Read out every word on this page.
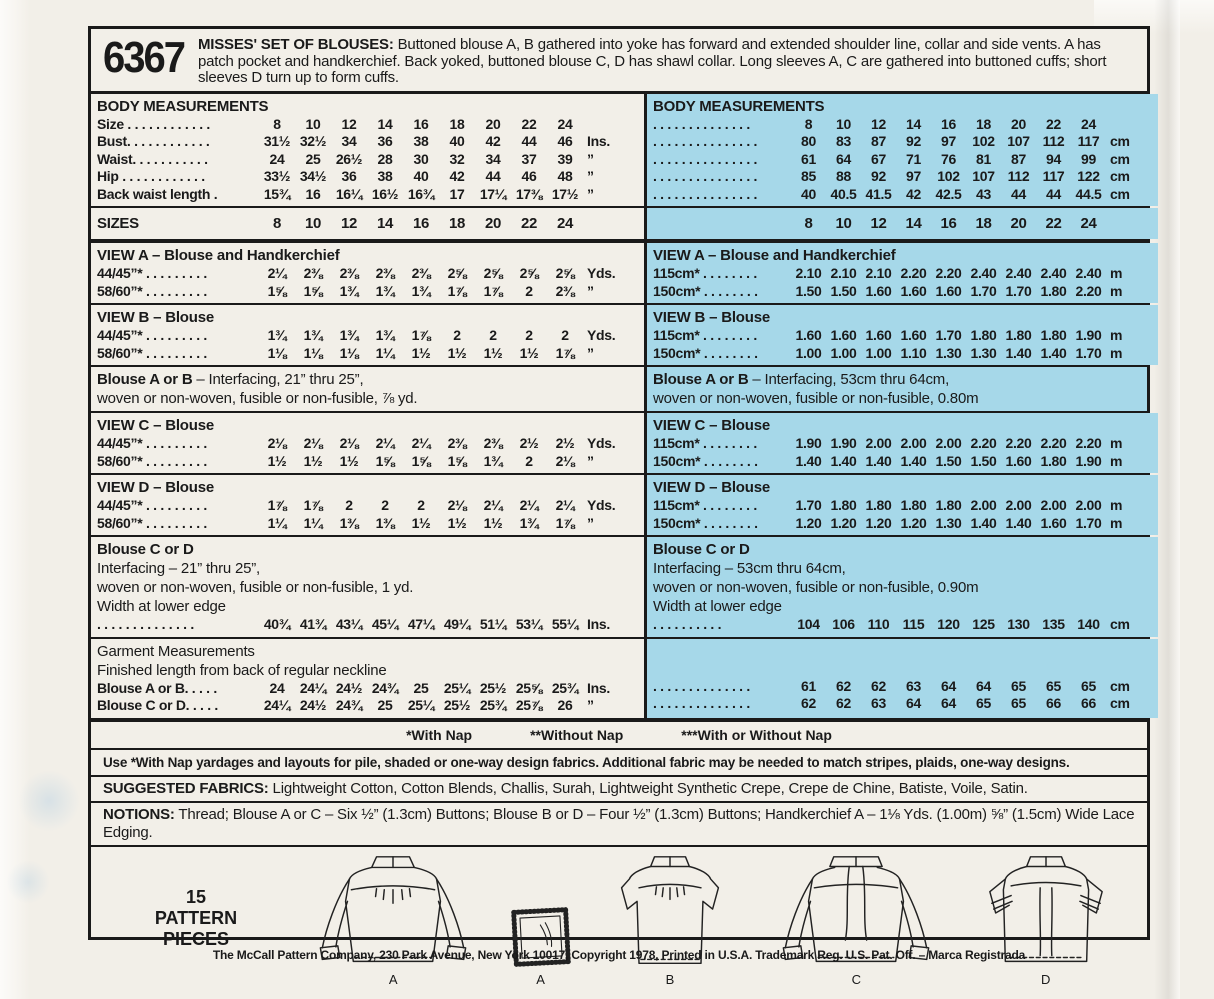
6367 MISSES' SET OF BLOUSES: Buttoned blouse A, B gathered into yoke has forward and extended shoulder line, collar and side vents. A has patch pocket and handkerchief. Back yoked, buttoned blouse C, D has shawl collar. Long sleeves A, C are gathered into buttoned cuffs; short sleeves D turn up to form cuffs.
BODY MEASUREMENTS
Size . . . . . . . . . . . .	8	10	12	14	16	18	20	22	24
Bust. . . . . . . . . . . .	31½ 32½	34	36	38	40	42	44	46	Ins.
Waist. . . . . . . . . . .	24	25	26½	28	30	32	34	37	39	”
Hip . . . . . . . . . . . .	33½ 34½	36	38	40	42	44	46	48	”
Back waist length .	15¾	16	16¼ 16½ 16¾	17	17¼ 17⅜ 17½ ”
BODY MEASUREMENTS
. . . . . . . . . . . . . .	8	10	12	14	16	18	20	22	24
. . . . . . . . . . . . . . .	80	83	87	92	97	102 107 112 117 cm
. . . . . . . . . . . . . . .	61	64	67	71	76	81	87	94	99	cm
. . . . . . . . . . . . . . .	85	88	92	97	102 107 112 117 122 cm
. . . . . . . . . . . . . . .	40	40.5 41.5	42	42.5	43	44	44	44.5 cm
SIZES	8	10	12	14	16	18	20	22	24	8	10	12	14	16	18	20	22	24
VIEW A – Blouse and Handkerchief
44/45”* . . . . . . . . .	2¼	2⅜	2⅜	2⅜	2⅜	2⅝	2⅝	2⅝	2⅝ Yds.
58/60”* . . . . . . . . .	1⅝	1⅝	1¾	1¾	1¾	1⅞	1⅞	2	2⅜ ”
VIEW A – Blouse and Handkerchief
115cm* . . . . . . . .	2.10 2.10 2.10 2.20 2.20 2.40 2.40 2.40 2.40 m
150cm* . . . . . . . .	1.50 1.50 1.60 1.60 1.60 1.70 1.70 1.80 2.20 m
VIEW B – Blouse
44/45”* . . . . . . . . .	1¾	1¾	1¾	1¾	1⅞	2	2	2	2	Yds.
58/60”* . . . . . . . . .	1⅛	1⅛	1⅛	1¼	1½	1½	1½	1½	1⅞ ”
VIEW B – Blouse
115cm* . . . . . . . .	1.60 1.60 1.60 1.60 1.70 1.80 1.80 1.80 1.90 m
150cm* . . . . . . . .	1.00 1.00 1.00 1.10 1.30 1.30 1.40 1.40 1.70 m
Blouse A or B – Interfacing, 21” thru 25”,
woven or non-woven, fusible or non-fusible, ⅞ yd.
Blouse A or B – Interfacing, 53cm thru 64cm,
woven or non-woven, fusible or non-fusible, 0.80m
VIEW C – Blouse
44/45”* . . . . . . . . .	2⅛	2⅛	2⅛	2¼	2¼	2⅜	2⅜	2½	2½ Yds.
58/60”* . . . . . . . . .	1½	1½	1½	1⅝	1⅝	1⅝	1¾	2	2⅛ ”
VIEW C – Blouse
115cm* . . . . . . . .	1.90 1.90 2.00 2.00 2.00 2.20 2.20 2.20 2.20 m
150cm* . . . . . . . .	1.40 1.40 1.40 1.40 1.50 1.50 1.60 1.80 1.90 m
VIEW D – Blouse
44/45”* . . . . . . . . .	1⅞	1⅞	2	2	2	2⅛	2¼	2¼	2¼ Yds.
58/60”* . . . . . . . . .	1¼	1¼	1⅜	1⅜	1½	1½	1½	1¾	1⅞ ”
VIEW D – Blouse
115cm* . . . . . . . .	1.70 1.80 1.80 1.80 1.80 2.00 2.00 2.00 2.00 m
150cm* . . . . . . . .	1.20 1.20 1.20 1.20 1.30 1.40 1.40 1.60 1.70 m
Blouse C or D
Interfacing – 21” thru 25”,
woven or non-woven, fusible or non-fusible, 1 yd.
Width at lower edge
. . . . . . . . . . . . . .	40¾ 41¾ 43¼ 45¼ 47¼ 49¼ 51¼ 53¼ 55¼ Ins.
Blouse C or D
Interfacing – 53cm thru 64cm,
woven or non-woven, fusible or non-fusible, 0.90m
Width at lower edge
. . . . . . . . . .	104 106 110 115 120 125 130 135 140 cm
Garment Measurements
Finished length from back of regular neckline
Blouse A or B. . . . .	24	24¼ 24½ 24¾	25	25¼ 25½ 25⅝ 25¾ Ins.
Blouse C or D. . . . .	24¼ 24½ 24¾	25	25¼ 25½ 25¾ 25⅞	26	”
. . . . . . . . . . . . . .	61	62	62	63	64	64	65	65	65	cm
. . . . . . . . . . . . . .	62	62	63	64	64	65	65	66	66	cm
*With Nap	**Without Nap	***With or Without Nap
Use *With Nap yardages and layouts for pile, shaded or one-way design fabrics. Additional fabric may be needed to match stripes, plaids, one-way designs.
SUGGESTED FABRICS: Lightweight Cotton, Cotton Blends, Challis, Surah, Lightweight Synthetic Crepe, Crepe de Chine, Batiste, Voile, Satin.
NOTIONS: Thread; Blouse A or C – Six ½” (1.3cm) Buttons; Blouse B or D – Four ½” (1.3cm) Buttons; Handkerchief A – 1⅛ Yds. (1.00m) ⅝” (1.5cm) Wide Lace Edging.
15
PATTERN
PIECES
A	A	B	C	D
The McCall Pattern Company, 230 Park Avenue, New York 10017, Copyright 1978, Printed in U.S.A. Trademark Reg. U.S. Pat. Off. – Marca Registrada
